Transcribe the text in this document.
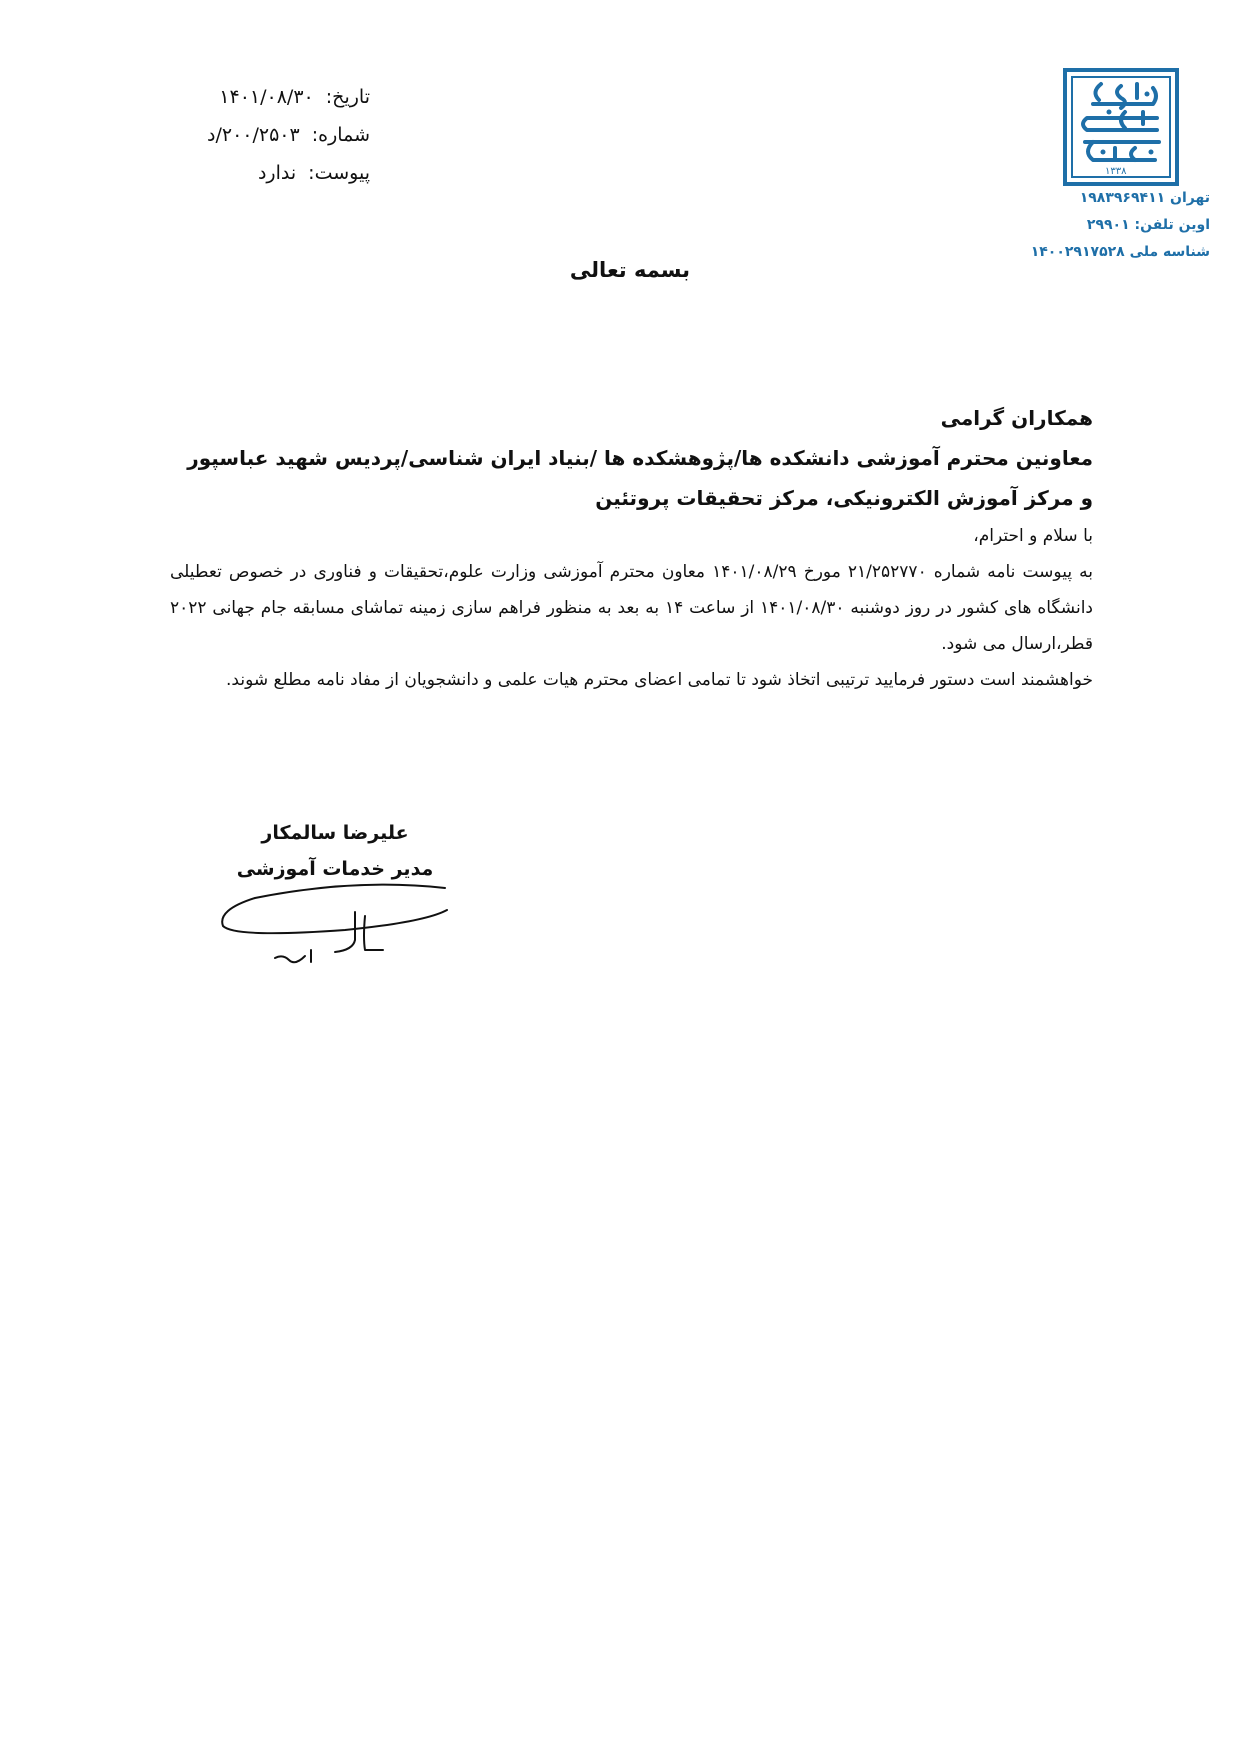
تاریخ: ۱۴۰۱/۰۸/۳۰
شماره: ۲۰۰/۲۵۰۳/د
پیوست: ندارد	۱۳۳۸
تهران ۱۹۸۳۹۶۹۴۱۱
اوین تلفن: ۲۹۹۰۱
شناسه ملی ۱۴۰۰۲۹۱۷۵۲۸
بسمه تعالی
همکاران گرامی
معاونین محترم آموزشی دانشکده ها/پژوهشکده ها /بنیاد ایران شناسی/پردیس شهید عباسپور و مرکز آموزش الکترونیکی، مرکز تحقیقات پروتئین
با سلام و احترام،
به پیوست نامه شماره ۲۱/۲۵۲۷۷۰ مورخ ۱۴۰۱/۰۸/۲۹ معاون محترم آموزشی وزارت علوم،تحقیقات و فناوری در خصوص تعطیلی دانشگاه های کشور در روز دوشنبه ۱۴۰۱/۰۸/۳۰ از ساعت ۱۴ به بعد به منظور فراهم سازی زمینه تماشای مسابقه جام جهانی ۲۰۲۲ قطر،ارسال می شود.
خواهشمند است دستور فرمایید ترتیبی اتخاذ شود تا تمامی اعضای محترم هیات علمی و دانشجویان از مفاد نامه مطلع شوند.
علیرضا سالمکار
مدیر خدمات آموزشی
